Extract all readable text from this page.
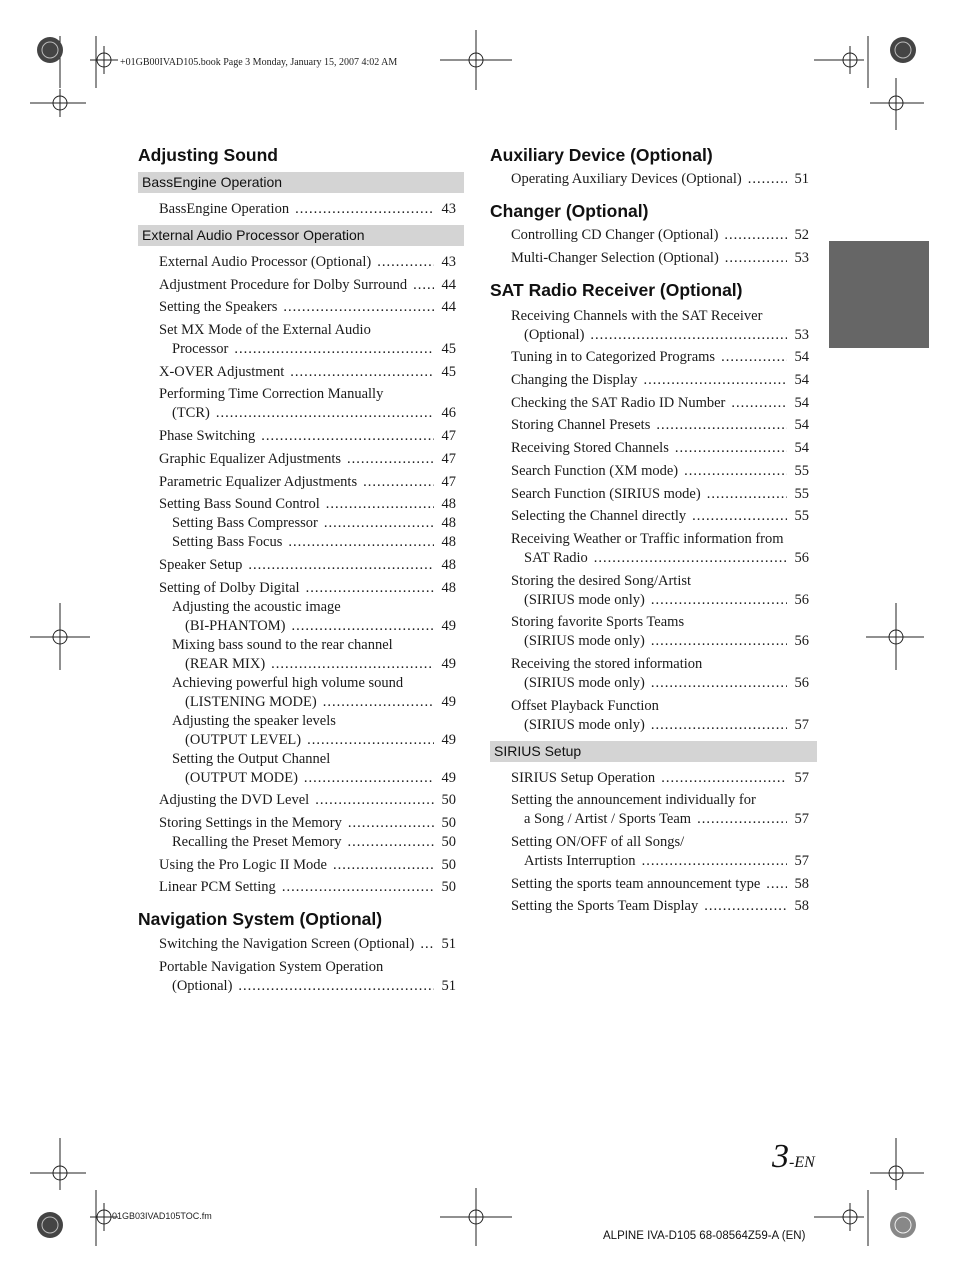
+01GB00IVAD105.book Page 3 Monday, January 15, 2007 4:02 AM
01GB03IVAD105TOC.fm
ALPINE IVA-D105 68-08564Z59-A (EN)
3-EN
Adjusting Sound
BassEngine Operation
BassEngine Operation .....	43
External Audio Processor Operation
External Audio Processor (Optional) .....	43
Adjustment Procedure for Dolby Surround .....	44
Setting the Speakers .....	44
Set MX Mode of the External Audio
Processor .....	45
X-OVER Adjustment .....	45
Performing Time Correction Manually
(TCR) .....	46
Phase Switching .....	47
Graphic Equalizer Adjustments .....	47
Parametric Equalizer Adjustments .....	47
Setting Bass Sound Control .....	48
Setting Bass Compressor .....	48
Setting Bass Focus .....	48
Speaker Setup .....	48
Setting of Dolby Digital .....	48
Adjusting the acoustic image
(BI-PHANTOM) .....	49
Mixing bass sound to the rear channel
(REAR MIX) .....	49
Achieving powerful high volume sound
(LISTENING MODE) .....	49
Adjusting the speaker levels
(OUTPUT LEVEL) .....	49
Setting the Output Channel
(OUTPUT MODE) .....	49
Adjusting the DVD Level .....	50
Storing Settings in the Memory .....	50
Recalling the Preset Memory .....	50
Using the Pro Logic II Mode .....	50
Linear PCM Setting .....	50
Navigation System (Optional)
Switching the Navigation Screen (Optional) .....	51
Portable Navigation System Operation
(Optional) .....	51
Auxiliary Device (Optional)
Operating Auxiliary Devices (Optional) .....	51
Changer (Optional)
Controlling CD Changer (Optional) .....	52
Multi-Changer Selection (Optional) .....	53
SAT Radio Receiver (Optional)
Receiving Channels with the SAT Receiver
(Optional) .....	53
Tuning in to Categorized Programs .....	54
Changing the Display .....	54
Checking the SAT Radio ID Number .....	54
Storing Channel Presets .....	54
Receiving Stored Channels .....	54
Search Function (XM mode) .....	55
Search Function (SIRIUS mode) .....	55
Selecting the Channel directly .....	55
Receiving Weather or Traffic information from
SAT Radio .....	56
Storing the desired Song/Artist
(SIRIUS mode only) .....	56
Storing favorite Sports Teams
(SIRIUS mode only) .....	56
Receiving the stored information
(SIRIUS mode only) .....	56
Offset Playback Function
(SIRIUS mode only) .....	57
SIRIUS Setup
SIRIUS Setup Operation .....	57
Setting the announcement individually for
a Song / Artist / Sports Team .....	57
Setting ON/OFF of all Songs/
Artists Interruption .....	57
Setting the sports team announcement type .....	58
Setting the Sports Team Display .....	58
